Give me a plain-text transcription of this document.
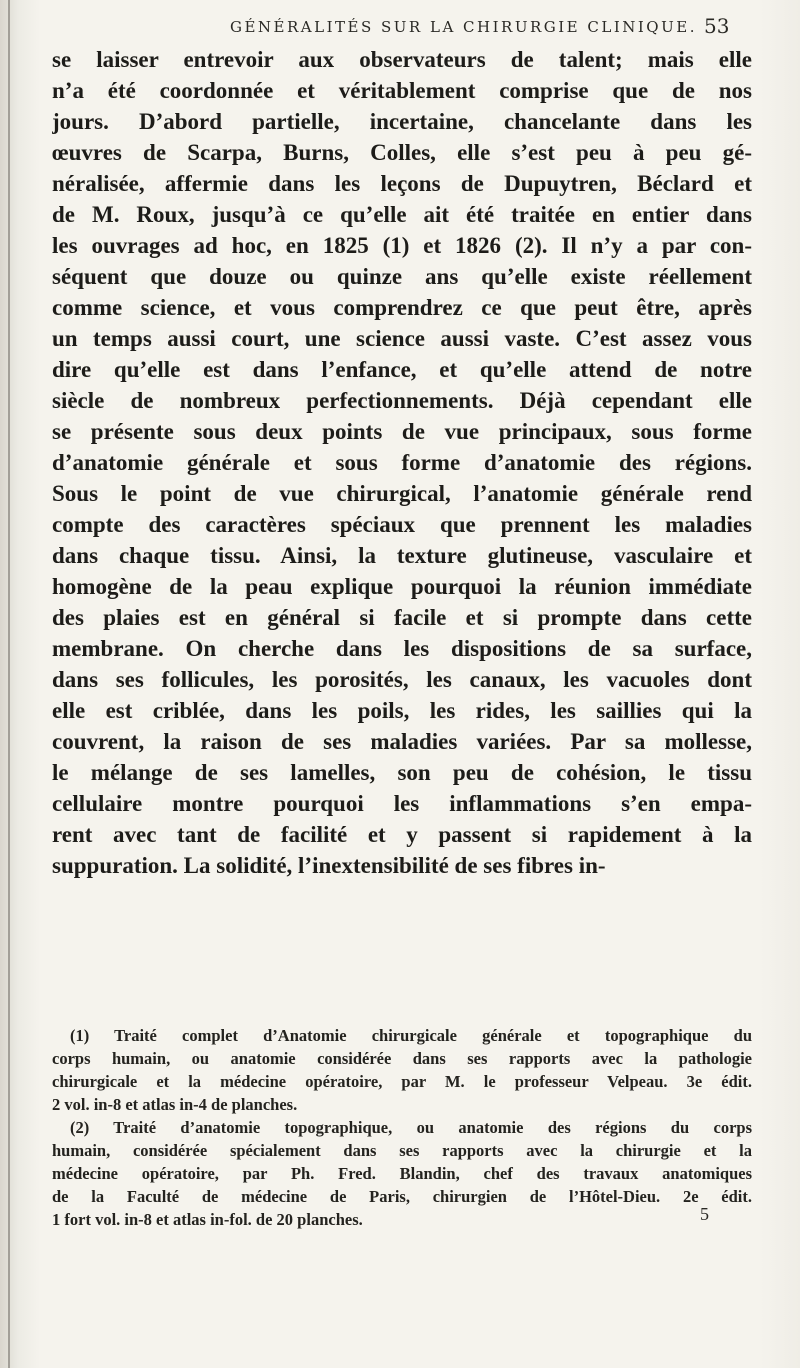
GÉNÉRALITÉS SUR LA CHIRURGIE CLINIQUE. 53
se laisser entrevoir aux observateurs de talent; mais elle
n’a été coordonnée et véritablement comprise que de nos
jours. D’abord partielle, incertaine, chancelante dans les
œuvres de Scarpa, Burns, Colles, elle s’est peu à peu gé-
néralisée, affermie dans les leçons de Dupuytren, Béclard et
de M. Roux, jusqu’à ce qu’elle ait été traitée en entier dans
les ouvrages ad hoc, en 1825 (1) et 1826 (2). Il n’y a par con-
séquent que douze ou quinze ans qu’elle existe réellement
comme science, et vous comprendrez ce que peut être, après
un temps aussi court, une science aussi vaste. C’est assez vous
dire qu’elle est dans l’enfance, et qu’elle attend de notre
siècle de nombreux perfectionnements. Déjà cependant elle
se présente sous deux points de vue principaux, sous forme
d’anatomie générale et sous forme d’anatomie des régions.
Sous le point de vue chirurgical, l’anatomie générale rend
compte des caractères spéciaux que prennent les maladies
dans chaque tissu. Ainsi, la texture glutineuse, vasculaire et
homogène de la peau explique pourquoi la réunion immédiate
des plaies est en général si facile et si prompte dans cette
membrane. On cherche dans les dispositions de sa surface,
dans ses follicules, les porosités, les canaux, les vacuoles dont
elle est criblée, dans les poils, les rides, les saillies qui la
couvrent, la raison de ses maladies variées. Par sa mollesse,
le mélange de ses lamelles, son peu de cohésion, le tissu
cellulaire montre pourquoi les inflammations s’en empa-
rent avec tant de facilité et y passent si rapidement à la
suppuration. La solidité, l’inextensibilité de ses fibres in-
(1) Traité complet d’Anatomie chirurgicale générale et topographique du
corps humain, ou anatomie considérée dans ses rapports avec la pathologie
chirurgicale et la médecine opératoire, par M. le professeur Velpeau. 3e édit.
2 vol. in-8 et atlas in-4 de planches.
(2) Traité d’anatomie topographique, ou anatomie des régions du corps
humain, considérée spécialement dans ses rapports avec la chirurgie et la
médecine opératoire, par Ph. Fred. Blandin, chef des travaux anatomiques
de la Faculté de médecine de Paris, chirurgien de l’Hôtel-Dieu. 2e édit.
1 fort vol. in-8 et atlas in-fol. de 20 planches.	5
